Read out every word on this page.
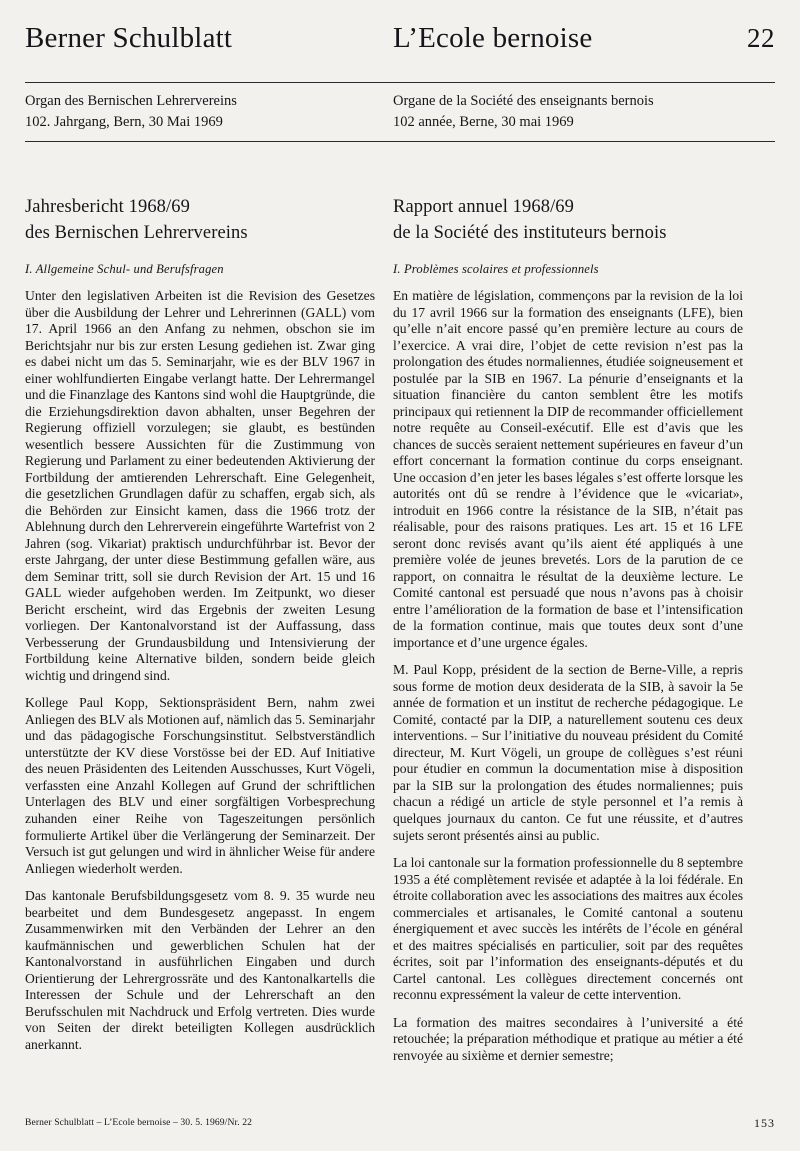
Berner Schulblatt	L’Ecole bernoise	22
Organ des Bernischen Lehrervereins
102. Jahrgang, Bern, 30 Mai 1969
Organe de la Société des enseignants bernois
102 année, Berne, 30 mai 1969
Jahresbericht 1968/69
des Bernischen Lehrervereins
Rapport annuel 1968/69
de la Société des instituteurs bernois
I. Allgemeine Schul- und Berufsfragen	I. Problèmes scolaires et professionnels

Unter den legislativen Arbeiten ist die Revision des Gesetzes über die Ausbildung der Lehrer und Lehrerinnen (GALL) vom 17. April 1966 an den Anfang zu nehmen, obschon sie im Berichtsjahr nur bis zur ersten Lesung gediehen ist. Zwar ging es dabei nicht um das 5. Seminarjahr, wie es der BLV 1967 in einer wohlfundierten Eingabe verlangt hatte. Der Lehrermangel und die Finanzlage des Kantons sind wohl die Hauptgründe, die die Erziehungsdirektion davon abhalten, unser Begehren der Regierung offiziell vorzulegen; sie glaubt, es bestünden wesentlich bessere Aussichten für die Zustimmung von Regierung und Parlament zu einer bedeutenden Aktivierung der Fortbildung der amtierenden Lehrerschaft. Eine Gelegenheit, die gesetzlichen Grundlagen dafür zu schaffen, ergab sich, als die Behörden zur Einsicht kamen, dass die 1966 trotz der Ablehnung durch den Lehrerverein eingeführte Wartefrist von 2 Jahren (sog. Vikariat) praktisch undurchführbar ist. Bevor der erste Jahrgang, der unter diese Bestimmung gefallen wäre, aus dem Seminar tritt, soll sie durch Revision der Art. 15 und 16 GALL wieder aufgehoben werden. Im Zeitpunkt, wo dieser Bericht erscheint, wird das Ergebnis der zweiten Lesung vorliegen. Der Kantonalvorstand ist der Auffassung, dass Verbesserung der Grundausbildung und Intensivierung der Fortbildung keine Alternative bilden, sondern beide gleich wichtig und dringend sind.

Kollege Paul Kopp, Sektionspräsident Bern, nahm zwei Anliegen des BLV als Motionen auf, nämlich das 5. Seminarjahr und das pädagogische Forschungsinstitut. Selbstverständlich unterstützte der KV diese Vorstösse bei der ED. Auf Initiative des neuen Präsidenten des Leitenden Ausschusses, Kurt Vögeli, verfassten eine Anzahl Kollegen auf Grund der schriftlichen Unterlagen des BLV und einer sorgfältigen Vorbesprechung zuhanden einer Reihe von Tageszeitungen persönlich formulierte Artikel über die Verlängerung der Seminarzeit. Der Versuch ist gut gelungen und wird in ähnlicher Weise für andere Anliegen wiederholt werden.

Das kantonale Berufsbildungsgesetz vom 8. 9. 35 wurde neu bearbeitet und dem Bundesgesetz angepasst. In engem Zusammenwirken mit den Verbänden der Lehrer an den kaufmännischen und gewerblichen Schulen hat der Kantonalvorstand in ausführlichen Eingaben und durch Orientierung der Lehrergrossräte und des Kantonalkartells die Interessen der Schule und der Lehrerschaft an den Berufsschulen mit Nachdruck und Erfolg vertreten. Dies wurde von Seiten der direkt beteiligten Kollegen ausdrücklich anerkannt.

En matière de législation, commençons par la revision de la loi du 17 avril 1966 sur la formation des enseignants (LFE), bien qu’elle n’ait encore passé qu’en première lecture au cours de l’exercice. A vrai dire, l’objet de cette revision n’est pas la prolongation des études normaliennes, étudiée soigneusement et postulée par la SIB en 1967. La pénurie d’enseignants et la situation financière du canton semblent être les motifs principaux qui retiennent la DIP de recommander officiellement notre requête au Conseil-exécutif. Elle est d’avis que les chances de succès seraient nettement supérieures en faveur d’un effort concernant la formation continue du corps enseignant. Une occasion d’en jeter les bases légales s’est offerte lorsque les autorités ont dû se rendre à l’évidence que le «vicariat», introduit en 1966 contre la résistance de la SIB, n’était pas réalisable, pour des raisons pratiques. Les art. 15 et 16 LFE seront donc revisés avant qu’ils aient été appliqués à une première volée de jeunes brevetés. Lors de la parution de ce rapport, on connaitra le résultat de la deuxième lecture. Le Comité cantonal est persuadé que nous n’avons pas à choisir entre l’amélioration de la formation de base et l’intensification de la formation continue, mais que toutes deux sont d’une importance et d’une urgence égales.

M. Paul Kopp, président de la section de Berne-Ville, a repris sous forme de motion deux desiderata de la SIB, à savoir la 5e année de formation et un institut de recherche pédagogique. Le Comité, contacté par la DIP, a naturellement soutenu ces deux interventions. – Sur l’initiative du nouveau président du Comité directeur, M. Kurt Vögeli, un groupe de collègues s’est réuni pour étudier en commun la documentation mise à disposition par la SIB sur la prolongation des études normaliennes; puis chacun a rédigé un article de style personnel et l’a remis à quelques journaux du canton. Ce fut une réussite, et d’autres sujets seront présentés ainsi au public.

La loi cantonale sur la formation professionnelle du 8 septembre 1935 a été complètement revisée et adaptée à la loi fédérale. En étroite collaboration avec les associations des maitres aux écoles commerciales et artisanales, le Comité cantonal a soutenu énergiquement et avec succès les intérêts de l’école en général et des maitres spécialisés en particulier, soit par des requêtes écrites, soit par l’information des enseignants-députés et du Cartel cantonal. Les collègues directement concernés ont reconnu expressément la valeur de cette intervention.

La formation des maitres secondaires à l’université a été retouchée; la préparation méthodique et pratique au métier a été renvoyée au sixième et dernier semestre;

Berner Schulblatt – L’Ecole bernoise – 30. 5. 1969/Nr. 22	153
